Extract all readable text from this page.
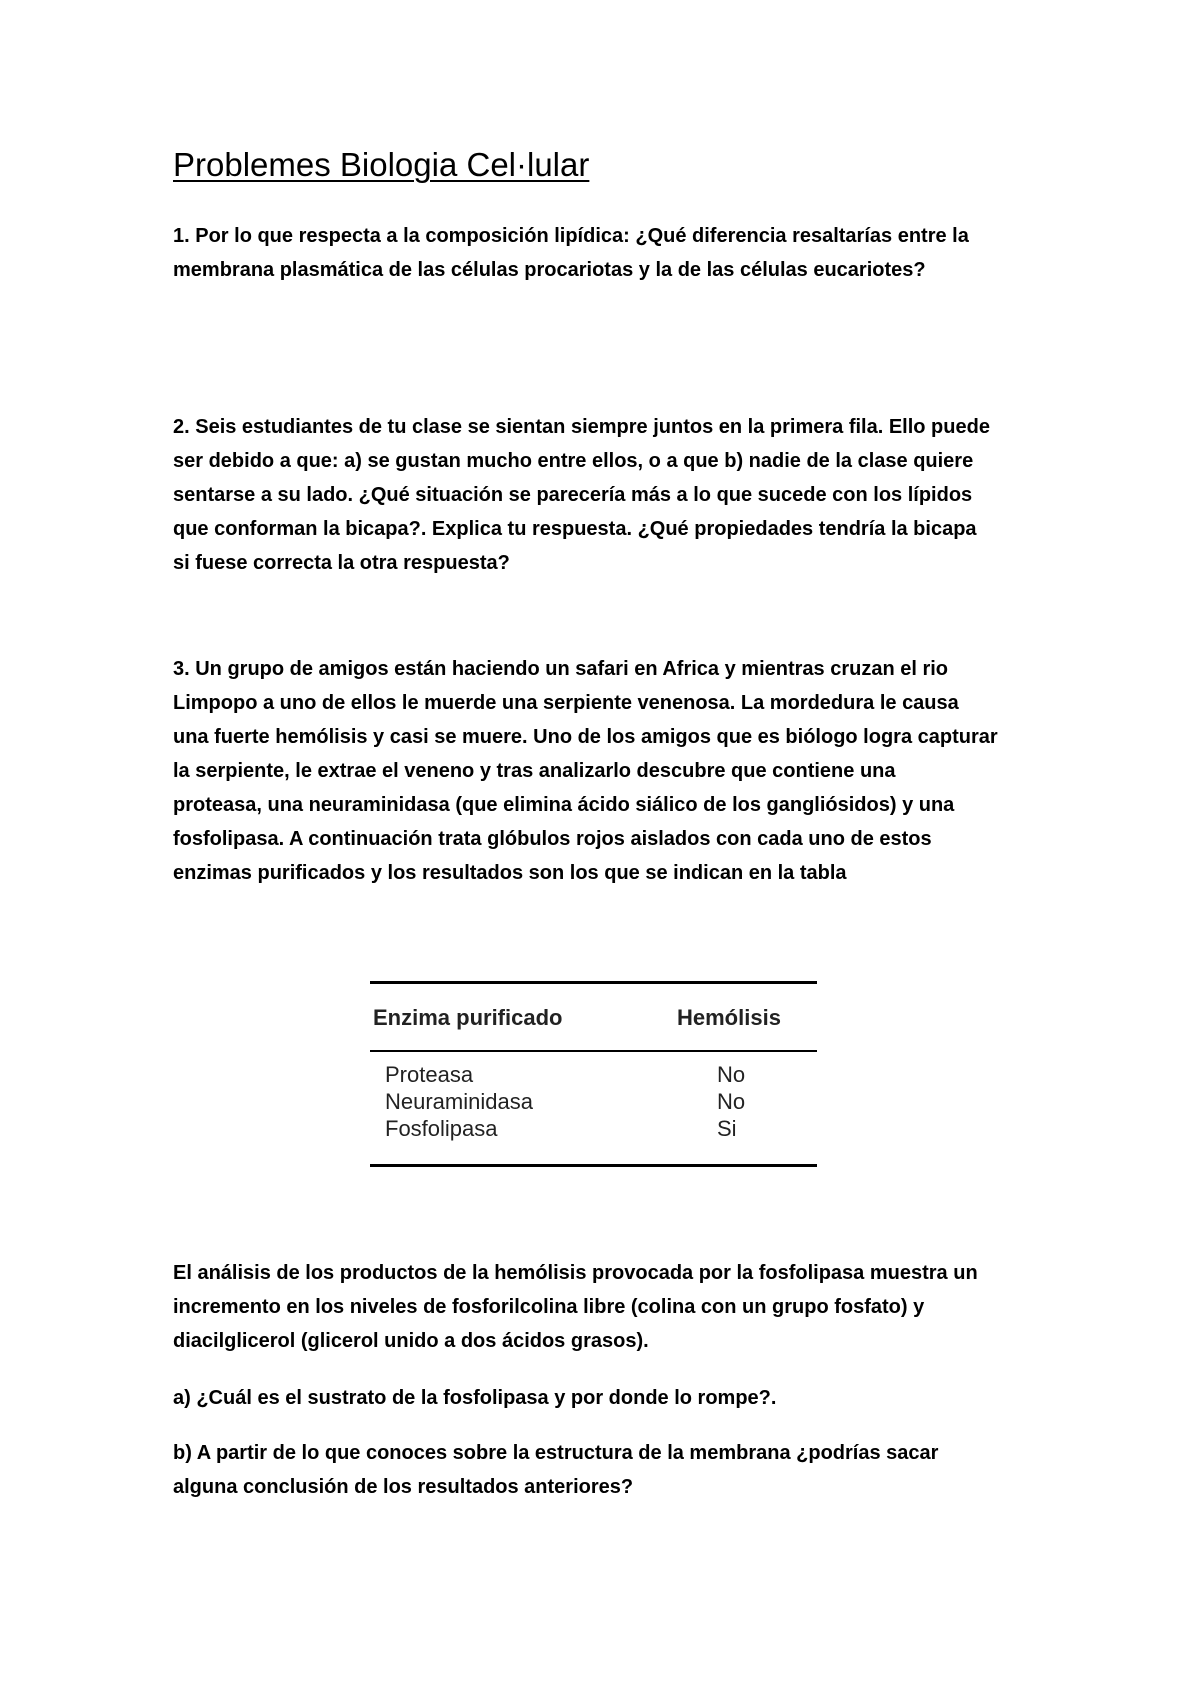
Problemes Biologia Cel·lular

1. Por lo que respecta a la composición lipídica: ¿Qué diferencia resaltarías entre la
membrana plasmática de las células procariotas y la de las células eucariotes?

2. Seis estudiantes de tu clase se sientan siempre juntos en la primera fila. Ello puede
ser debido a que: a) se gustan mucho entre ellos, o a que b) nadie de la clase quiere
sentarse a su lado. ¿Qué situación se parecería más a lo que sucede con los lípidos
que conforman la bicapa?. Explica tu respuesta. ¿Qué propiedades tendría la bicapa
si fuese correcta la otra respuesta?

3. Un grupo de amigos están haciendo un safari en Africa y mientras cruzan el rio
Limpopo a uno de ellos le muerde una serpiente venenosa. La mordedura le causa
una fuerte hemólisis y casi se muere. Uno de los amigos que es biólogo logra capturar
la serpiente, le extrae el veneno y tras analizarlo descubre que contiene una
proteasa, una neuraminidasa (que elimina ácido siálico de los gangliósidos) y una
fosfolipasa. A continuación trata glóbulos rojos aislados con cada uno de estos
enzimas purificados y los resultados son los que se indican en la tabla

Enzima purificado	Hemólisis
Proteasa	No
Neuraminidasa	No
Fosfolipasa	Si

El análisis de los productos de la hemólisis provocada por la fosfolipasa muestra un
incremento en los niveles de fosforilcolina libre (colina con un grupo fosfato) y
diacilglicerol (glicerol unido a dos ácidos grasos).

a) ¿Cuál es el sustrato de la fosfolipasa y por donde lo rompe?.

b) A partir de lo que conoces sobre la estructura de la membrana ¿podrías sacar
alguna conclusión de los resultados anteriores?
